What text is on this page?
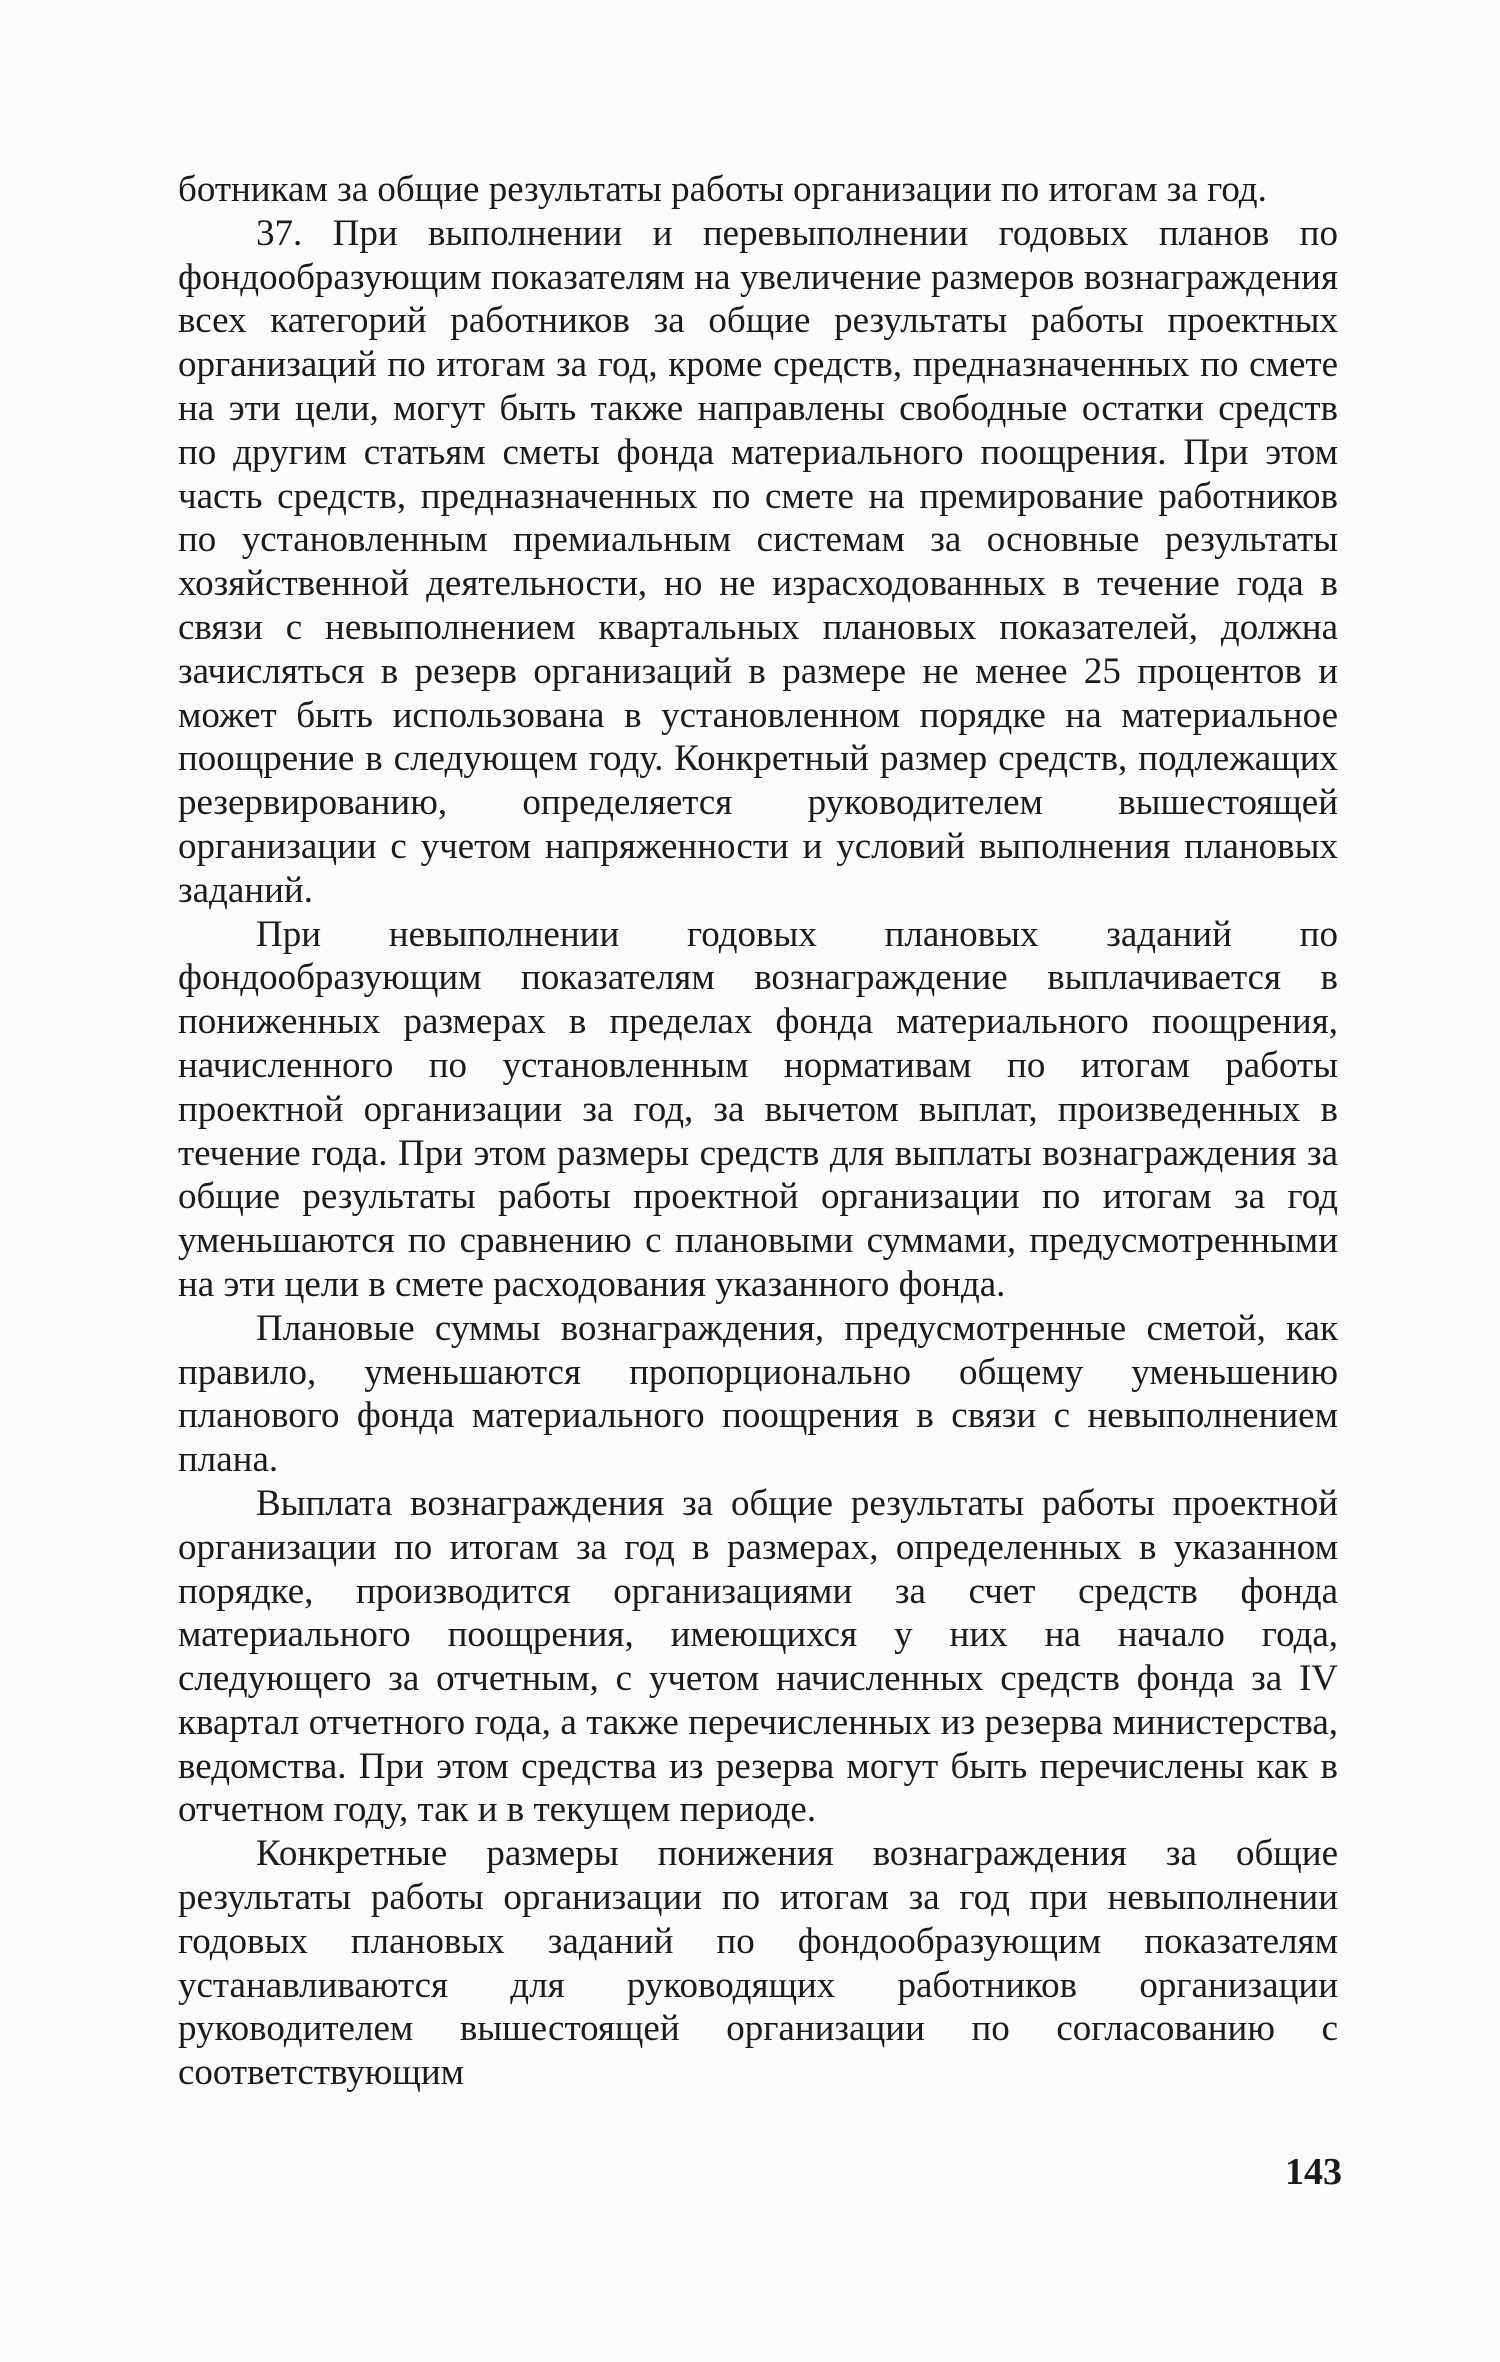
ботникам за общие результаты работы организации по итогам за год.

37. При выполнении и перевыполнении годовых планов по фондообразующим показателям на увеличение размеров вознаграждения всех категорий работников за общие результаты работы проектных организаций по итогам за год, кроме средств, предназначенных по смете на эти цели, могут быть также направлены свободные остатки средств по другим статьям сметы фонда материального поощрения. При этом часть средств, предназначенных по смете на премирование работников по установленным премиальным системам за основные результаты хозяйственной деятельности, но не израсходованных в течение года в связи с невыполнением квартальных плановых показателей, должна зачисляться в резерв организаций в размере не менее 25 процентов и может быть использована в установленном порядке на материальное поощрение в следующем году. Конкретный размер средств, подлежащих резервированию, определяется руководителем вышестоящей организации с учетом напряженности и условий выполнения плановых заданий.

При невыполнении годовых плановых заданий по фондообразующим показателям вознаграждение выплачивается в пониженных размерах в пределах фонда материального поощрения, начисленного по установленным нормативам по итогам работы проектной организации за год, за вычетом выплат, произведенных в течение года. При этом размеры средств для выплаты вознаграждения за общие результаты работы проектной организации по итогам за год уменьшаются по сравнению с плановыми суммами, предусмотренными на эти цели в смете расходования указанного фонда.

Плановые суммы вознаграждения, предусмотренные сметой, как правило, уменьшаются пропорционально общему уменьшению планового фонда материального поощрения в связи с невыполнением плана.

Выплата вознаграждения за общие результаты работы проектной организации по итогам за год в размерах, определенных в указанном порядке, производится организациями за счет средств фонда материального поощрения, имеющихся у них на начало года, следующего за отчетным, с учетом начисленных средств фонда за IV квартал отчетного года, а также перечисленных из резерва министерства, ведомства. При этом средства из резерва могут быть перечислены как в отчетном году, так и в текущем периоде.

Конкретные размеры понижения вознаграждения за общие результаты работы организации по итогам за год при невыполнении годовых плановых заданий по фондообразующим показателям устанавливаются для руководящих работников организации руководителем вышестоящей организации по согласованию с соответствующим

143
